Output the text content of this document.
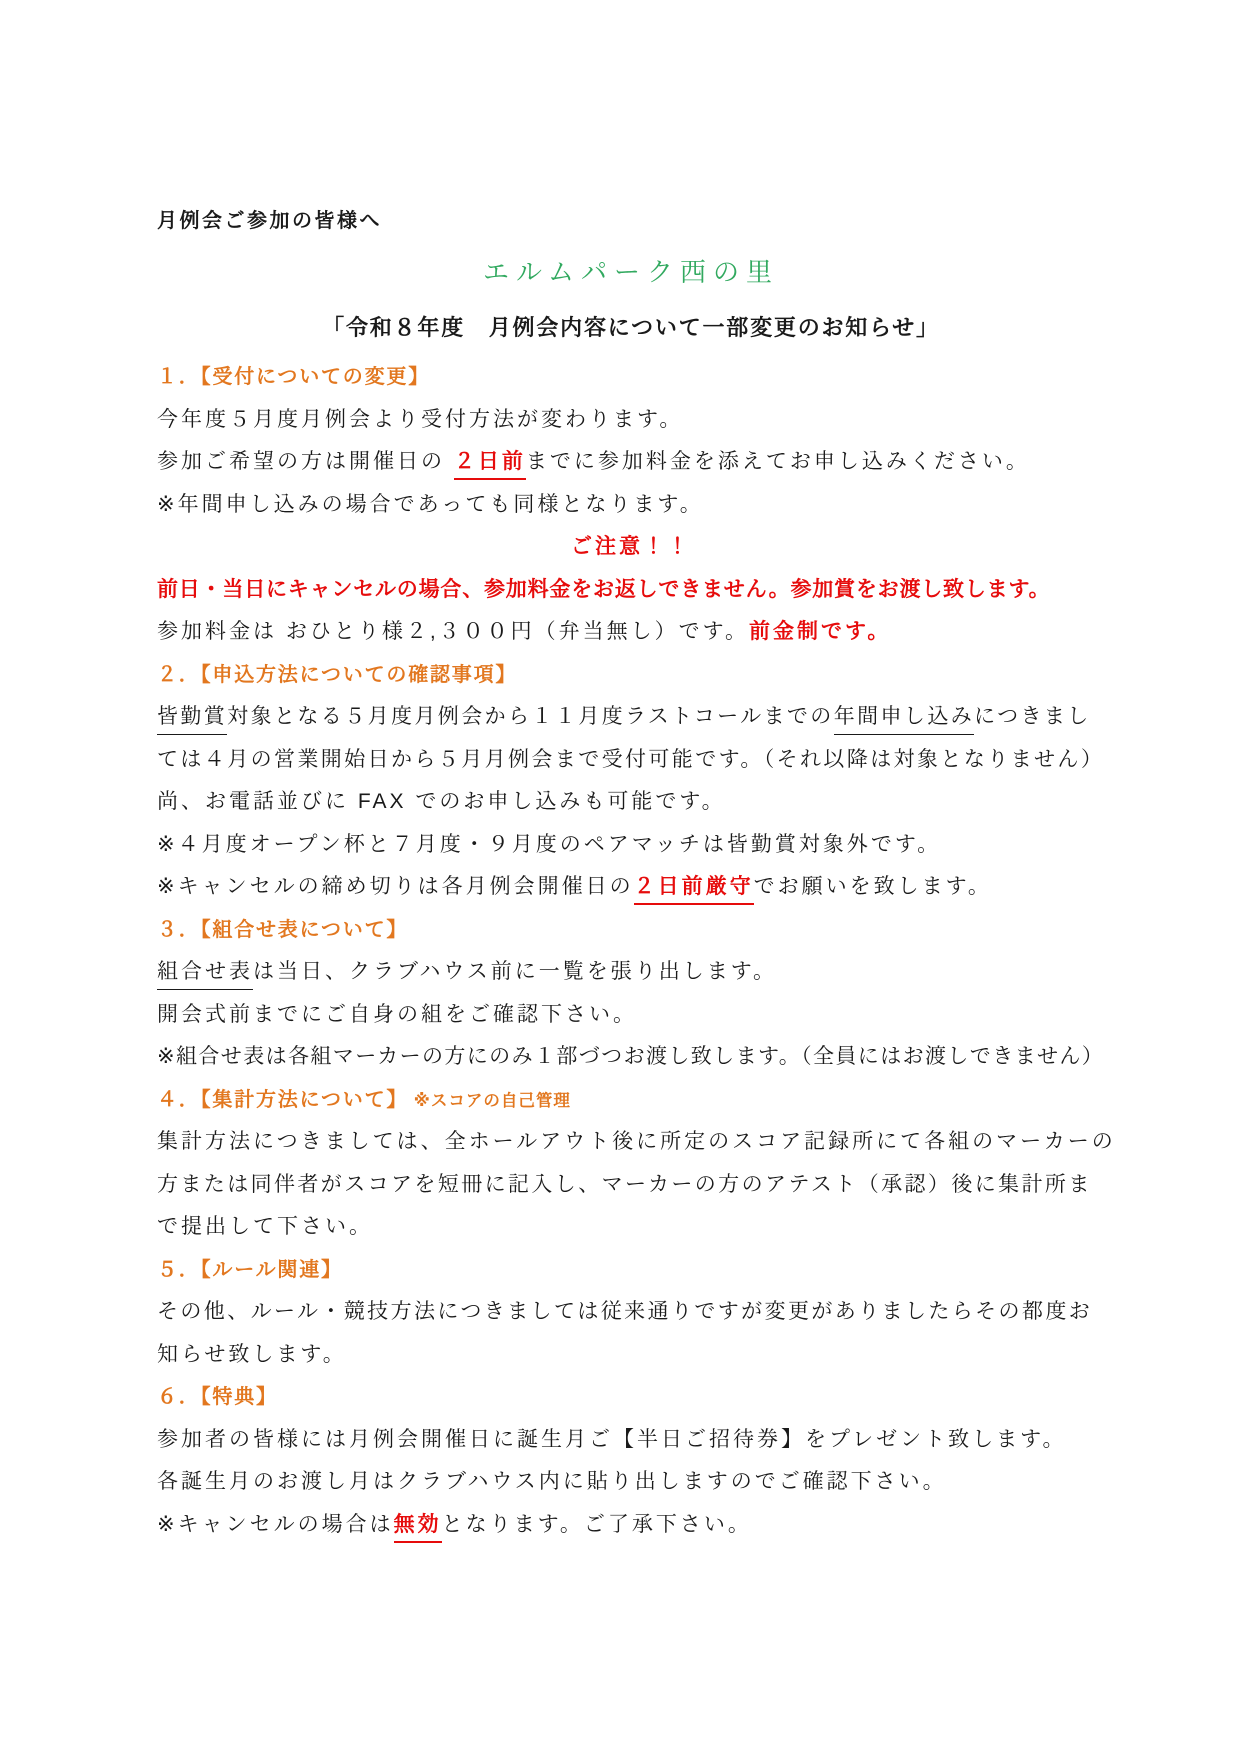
月例会ご参加の皆様へ
エルムパーク西の里
「令和８年度　月例会内容について一部変更のお知らせ」
１．【受付についての変更】
今年度５月度月例会より受付方法が変わります。
参加ご希望の方は開催日の ２日前までに参加料金を添えてお申し込みください。
※年間申し込みの場合であっても同様となります。
ご注意！！
前日・当日にキャンセルの場合、参加料金をお返しできません。参加賞をお渡し致します。
参加料金は おひとり様２,３００円（弁当無し）です。前金制です。
２．【申込方法についての確認事項】
皆勤賞対象となる５月度月例会から１１月度ラストコールまでの年間申し込みにつきまし
ては４月の営業開始日から５月月例会まで受付可能です。（それ以降は対象となりません）
尚、お電話並びに FAX でのお申し込みも可能です。
※４月度オープン杯と７月度・９月度のペアマッチは皆勤賞対象外です。
※キャンセルの締め切りは各月例会開催日の２日前厳守でお願いを致します。
３．【組合せ表について】
組合せ表は当日、クラブハウス前に一覧を張り出します。
開会式前までにご自身の組をご確認下さい。
※組合せ表は各組マーカーの方にのみ１部づつお渡し致します。（全員にはお渡しできません）
４．【集計方法について】 ※スコアの自己管理
集計方法につきましては、全ホールアウト後に所定のスコア記録所にて各組のマーカーの
方または同伴者がスコアを短冊に記入し、マーカーの方のアテスト（承認）後に集計所ま
で提出して下さい。
５．【ルール関連】
その他、ルール・競技方法につきましては従来通りですが変更がありましたらその都度お
知らせ致します。
６．【特典】
参加者の皆様には月例会開催日に誕生月ご【半日ご招待券】をプレゼント致します。
各誕生月のお渡し月はクラブハウス内に貼り出しますのでご確認下さい。
※キャンセルの場合は無効となります。ご了承下さい。
